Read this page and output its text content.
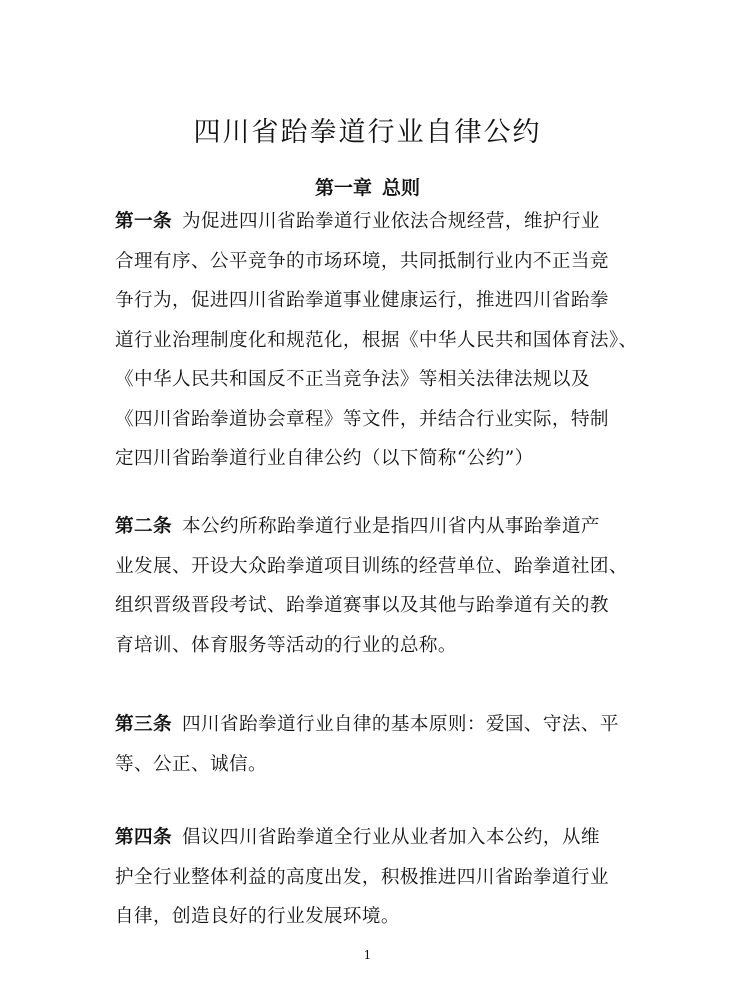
四川省跆拳道行业自律公约
第一章 总则
第一条 为促进四川省跆拳道行业依法合规经营，维护行业
合理有序、公平竞争的市场环境，共同抵制行业内不正当竞
争行为，促进四川省跆拳道事业健康运行，推进四川省跆拳
道行业治理制度化和规范化，根据《中华人民共和国体育法》、
《中华人民共和国反不正当竞争法》等相关法律法规以及
《四川省跆拳道协会章程》等文件，并结合行业实际，特制
定四川省跆拳道行业自律公约（以下简称“公约”）
第二条 本公约所称跆拳道行业是指四川省内从事跆拳道产
业发展、开设大众跆拳道项目训练的经营单位、跆拳道社团、
组织晋级晋段考试、跆拳道赛事以及其他与跆拳道有关的教
育培训、体育服务等活动的行业的总称。
第三条 四川省跆拳道行业自律的基本原则：爱国、守法、平
等、公正、诚信。
第四条 倡议四川省跆拳道全行业从业者加入本公约，从维
护全行业整体利益的高度出发，积极推进四川省跆拳道行业
自律，创造良好的行业发展环境。
1
